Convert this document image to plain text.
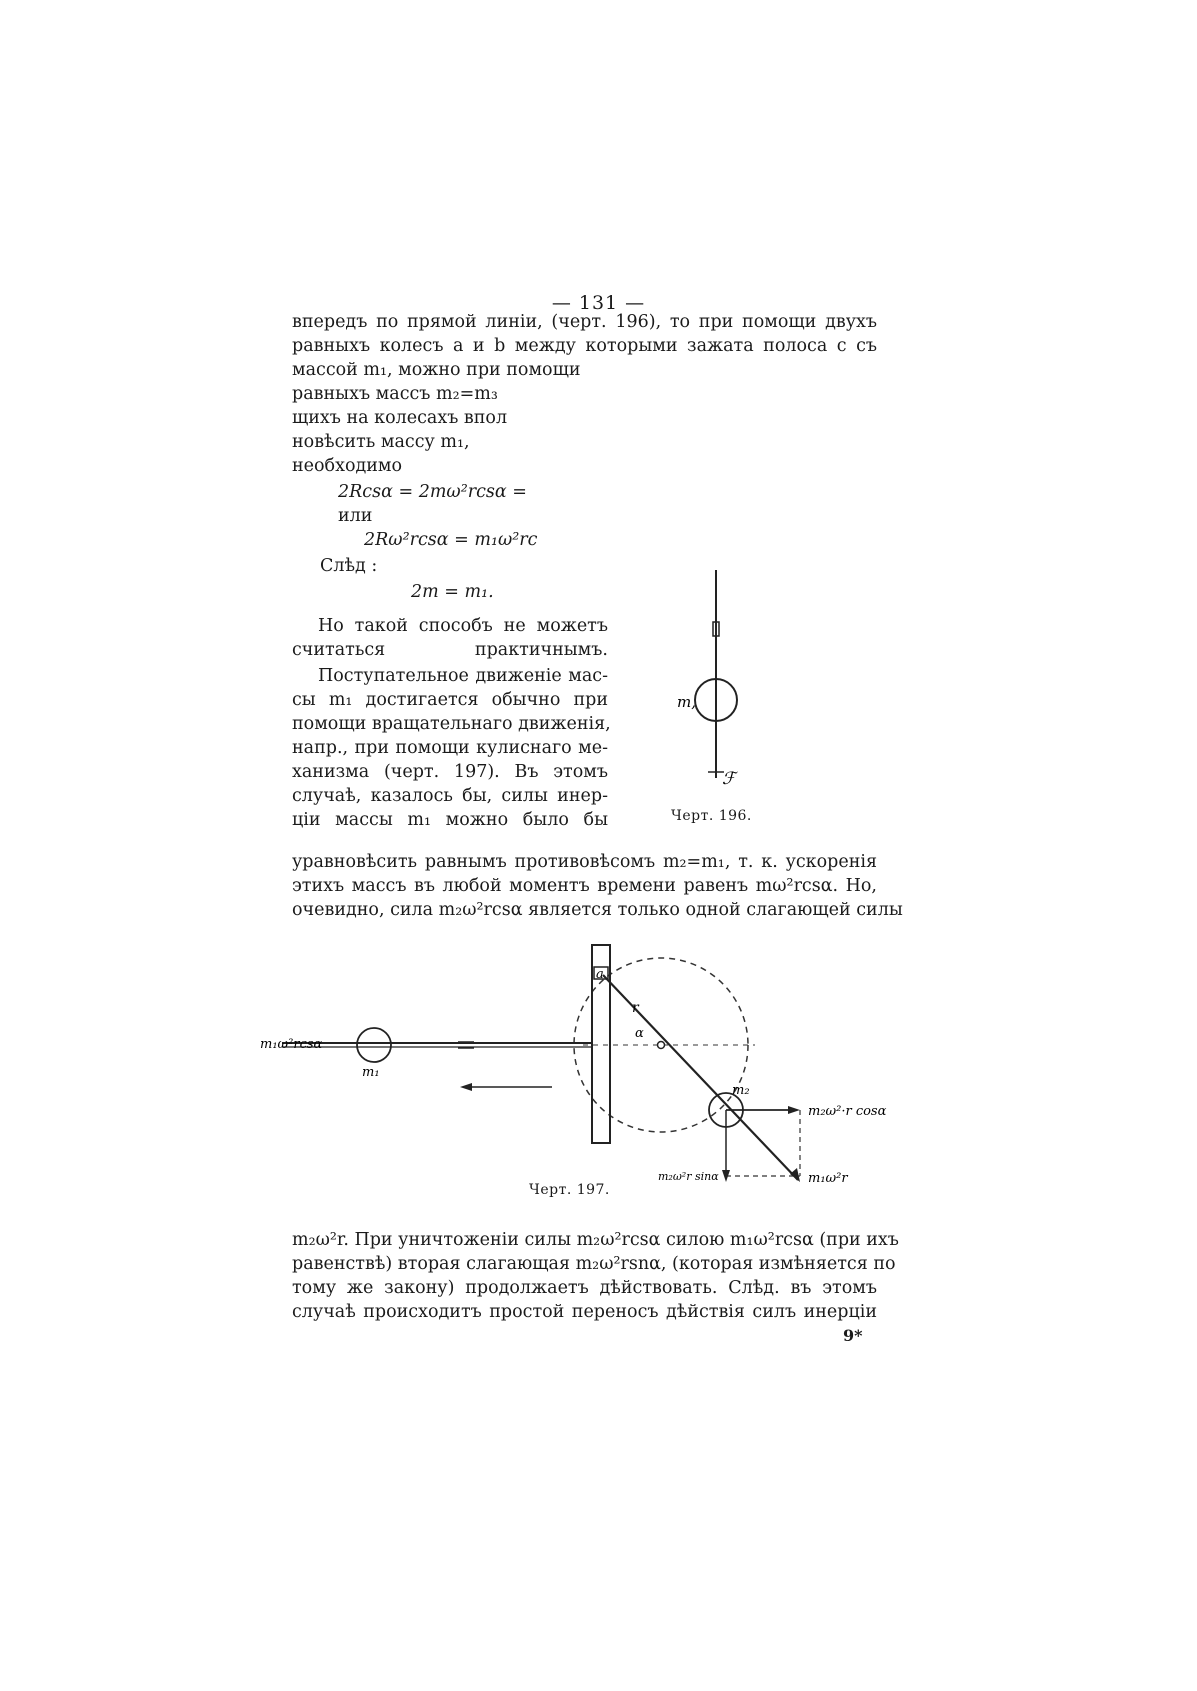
— 131 —
впередъ по прямой линіи, (черт. 196), то при помощи двухъ
равныхъ колесъ a и b между которыми зажата полоса c съ
массой m₁, можно при помощи
равныхъ массъ m₂=m₃
щихъ на колесахъ впол
новѣсить массу m₁,
необходимо
2Rcsα = 2mω²rcsα =
или
2Rω²rcsα = m₁ω²rc
Слѣд :
2m = m₁.
Но такой способъ не можетъ
считаться практичнымъ.
Поступательное движеніе мас-
сы m₁ достигается обычно при
помощи вращательнаго движенія,
напр., при помощи кулиснаго ме-
ханизма (черт. 197). Въ этомъ
случаѣ, казалось бы, силы инер-
ціи массы m₁ можно было бы
m,
ℱ
Черт. 196.
уравновѣсить равнымъ противовѣсомъ m₂=m₁, т. к. ускоренія
этихъ массъ въ любой моментъ времени равенъ mω²rcsα. Но,
очевидно, сила m₂ω²rcsα является только одной слагающей силы
m₁ω²rcsα
m₁
a
r
α
m₂
m₂ω²·r cosα
m₂ω²r sinα	m₁ω²r
Черт. 197.
m₂ω²r. При уничтоженіи силы m₂ω²rcsα силою m₁ω²rcsα (при ихъ
равенствѣ) вторая слагающая m₂ω²rsnα, (которая измѣняется по
тому же закону) продолжаетъ дѣйствовать. Слѣд. въ этомъ
случаѣ происходитъ простой переносъ дѣйствія силъ инерціи
9*
